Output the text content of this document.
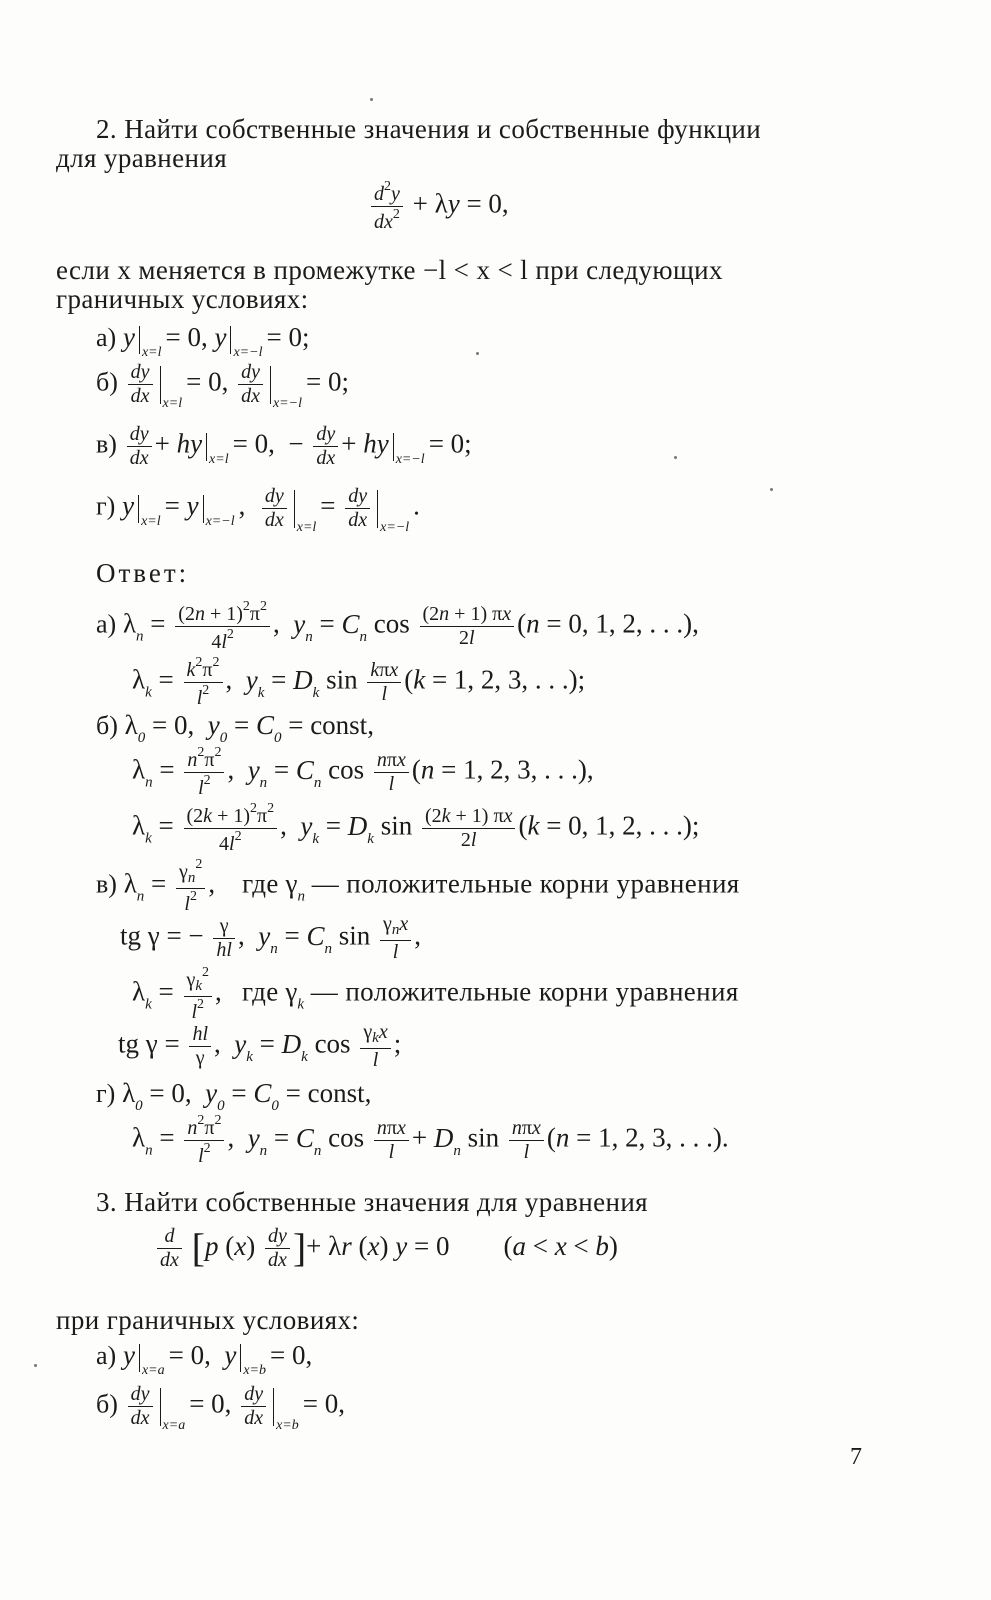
2. Найти собственные значения и собственные функции
для уравнения
$\frac{d^2y}{dx^2} + \lambda y = 0$,
если x меняется в промежутке −l < x < l при следующих
граничных условиях:
а) $y_{x=l}= 0$, $y_{x=-l}= 0$;
$б) \frac{dy}{dx} _{x=l}= 0$, $\frac{dy}{dx} _{x=-l}= 0$;
$в) \frac{dy}{dx} + hy_{x=l}= 0$,  − $\frac{dy}{dx} + hy_{x=-l}= 0$;
г) $y_{x=l}= y_{x=-l}$, $\frac{dy}{dx} _{x=l}= \frac{dy}{dx} _{x=-l}$.
Ответ:
а) $\lambda_n = \frac{(2n + 1)^2\pi^2}{4l^2}$ ,  $y_n = C_n$ $\cos \frac{(2n + 1) \pi x}{2l} (n = 0$, 1, 2, . . .),
$\lambda_k = \frac{k^2\pi^2}{l^2}$ ,  $y_k = D_k$ $\sin \frac{\text{kπx}}{l} (k = 1$, 2, 3, . . .);
б) $\lambda_0 = 0$,  $y_0 = C_0$ = const,
$\lambda_n = \frac{n^2\pi^2}{l^2}$ ,  $y_n = C_n$ $\cos \frac{\text{nπx}}{l} (n = 1$, 2, 3, . . .),
$\lambda_k = \frac{(2k + 1)^2\pi^2}{4l^2}$ ,  $y_k = D_k$ $\sin \frac{(2k + 1) \pi x}{2l} (k = 0$, 1, 2, . . .);
в) $\lambda_n = \frac{\gamma_n^2}{l^2}$ ,    где $\gamma_n$ — положительные корни уравнения
tg γ = − $\frac{\gamma}{hl}$ ,  $y_n = C_n$ $\sin \frac{\gamma_nx}{l}$ ,
$\lambda_k = \frac{\gamma_k^2}{l^2}$ ,   где $\gamma_k$ — положительные корни уравнения
tg $\gamma = \frac{hl}{\gamma}$ ,  $y_k = D_k$ $\cos \frac{\gamma_kx}{l}$ ;
г) $\lambda_0 = 0$,  $y_0 = C_0$ = const,
$\lambda_n = \frac{n^2\pi^2}{l^2}$ ,  $y_n = C_n$ $\cos \frac{\text{nπx}}{l} + D_n$ $\sin \frac{\text{nπx}}{l} (n = 1$, 2, 3, . . .).
3. Найти собственные значения для уравнения
$\frac{d}{dx} [p$ $(x) \frac{dy}{dx}$ ]+ λr (x) y = 0        (a < x < b)
при граничных условиях:
а) $y_{x=a}= 0$,  $y_{x=b}= 0$,
$б) \frac{dy}{dx} _{x=a}= 0$, $\frac{dy}{dx} _{x=b}= 0$,
7
